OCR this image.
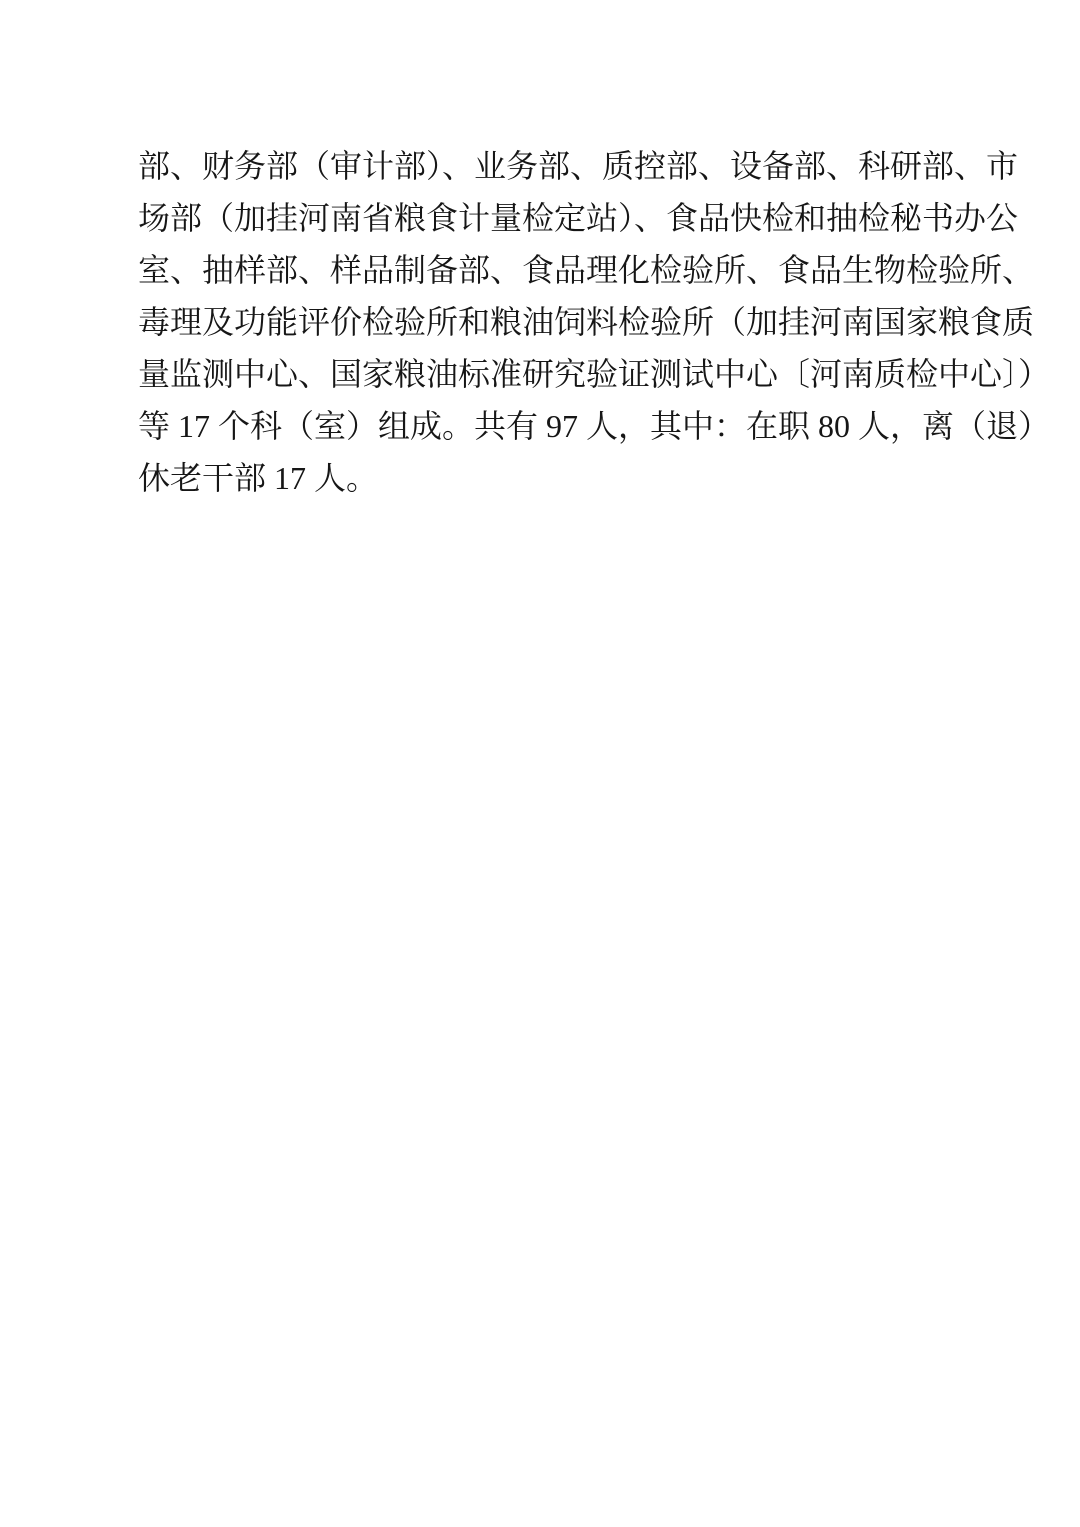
部、财务部（审计部）、业务部、质控部、设备部、科研部、市
场部（加挂河南省粮食计量检定站）、食品快检和抽检秘书办公
室、抽样部、样品制备部、食品理化检验所、食品生物检验所、
毒理及功能评价检验所和粮油饲料检验所（加挂河南国家粮食质
量监测中心、国家粮油标准研究验证测试中心〔河南质检中心〕）
等 17 个科（室）组成。共有 97 人，其中：在职 80 人，离（退）
休老干部 17 人。
